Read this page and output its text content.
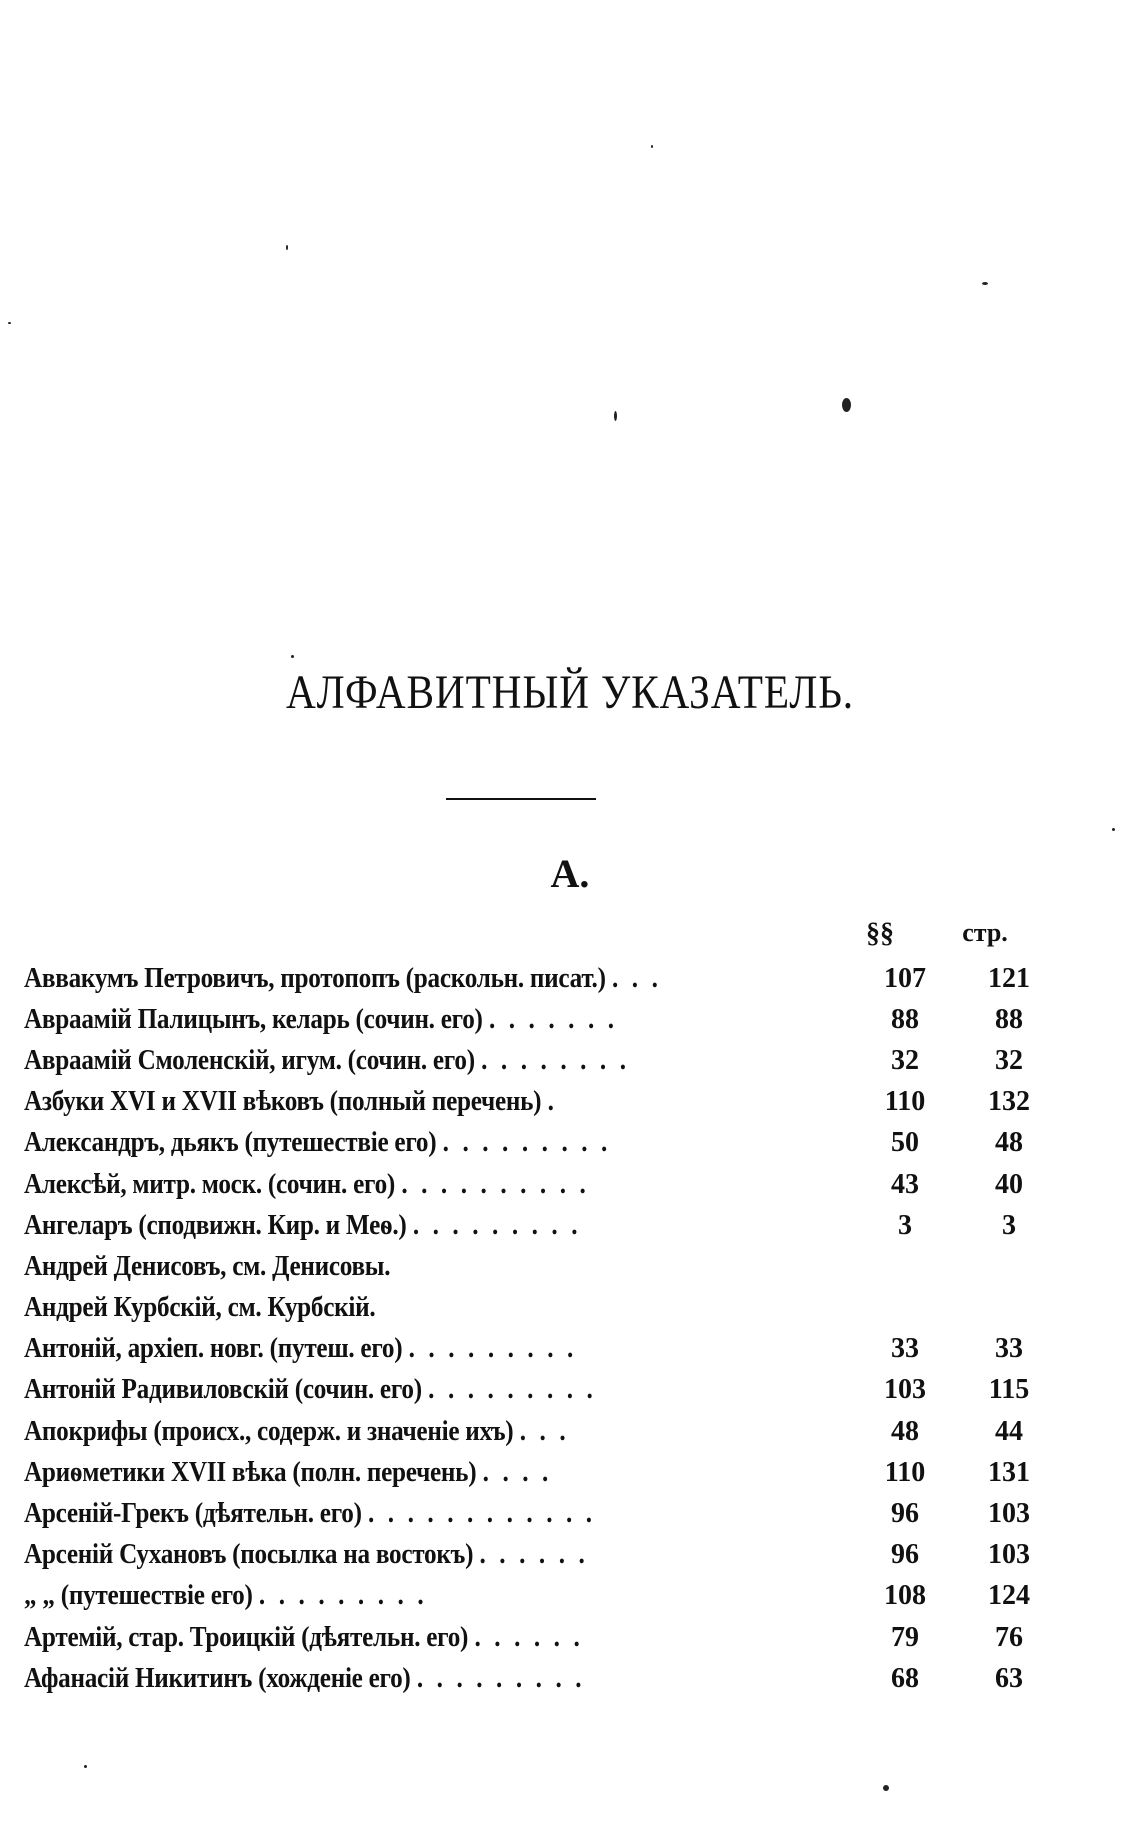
АЛФАВИТНЫЙ УКАЗАТЕЛЬ.
А.
§§	стр.
Аввакумъ Петровичъ, протопопъ (раскольн. писат.) . . .	107	121
Авраамій Палицынъ, келарь (сочин. его) . . . . . . .	88	88
Авраамій Смоленскій, игум. (сочин. его) . . . . . . . .	32	32
Азбуки XVI и XVII вѣковъ (полный перечень) .	110	132
Александръ, дьякъ (путешествіе его) . . . . . . . . .	50	48
Алексѣй, митр. моск. (сочин. его) . . . . . . . . . .	43	40
Ангеларъ (сподвижн. Кир. и Меѳ.) . . . . . . . . .	3	3
Андрей Денисовъ, см. Денисовы.
Андрей Курбскій, см. Курбскій.
Антоній, архіеп. новг. (путеш. его) . . . . . . . . .	33	33
Антоній Радивиловскій (сочин. его) . . . . . . . . .	103	115
Апокрифы (происх., содерж. и значеніе ихъ) . . .	48	44
Ариѳметики XVII вѣка (полн. перечень) . . . .	110	131
Арсеній-Грекъ (дѣятельн. его) . . . . . . . . . . . .	96	103
Арсеній Сухановъ (посылка на востокъ) . . . . . .	96	103
„ „ (путешествіе его) . . . . . . . . .	108	124
Артемій, стар. Троицкій (дѣятельн. его) . . . . . .	79	76
Афанасій Никитинъ (хожденіе его) . . . . . . . . .	68	63
